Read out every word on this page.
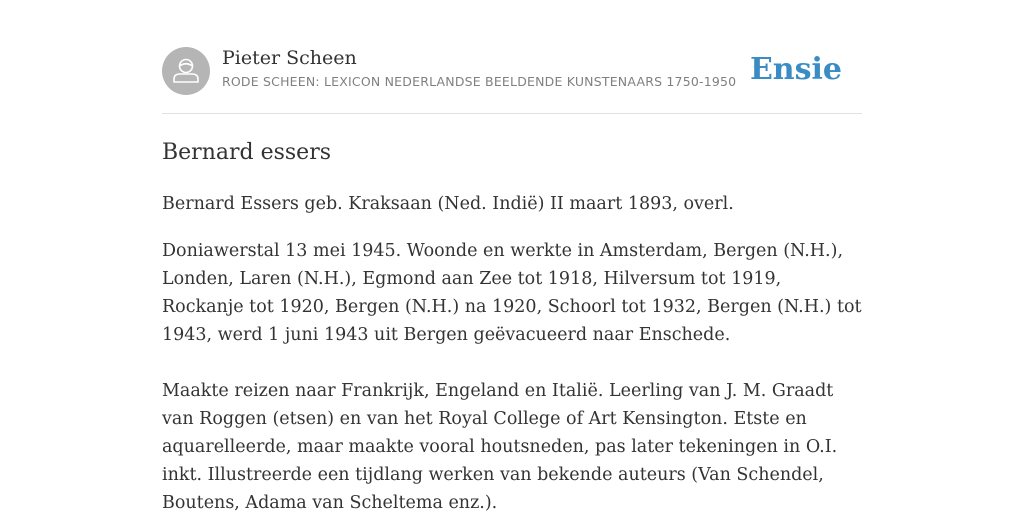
Pieter Scheen
RODE SCHEEN: LEXICON NEDERLANDSE BEELDENDE KUNSTENAARS 1750-1950 Ensie
Bernard essers

Bernard Essers geb. Kraksaan (Ned. Indië) II maart 1893, overl.

Doniawerstal 13 mei 1945. Woonde en werkte in Amsterdam, Bergen (N.H.), Londen, Laren (N.H.), Egmond aan Zee tot 1918, Hilversum tot 1919, Rockanje tot 1920, Bergen (N.H.) na 1920, Schoorl tot 1932, Bergen (N.H.) tot 1943, werd 1 juni 1943 uit Bergen geëvacueerd naar Enschede.

Maakte reizen naar Frankrijk, Engeland en Italië. Leerling van J. M. Graadt van Roggen (etsen) en van het Royal College of Art Kensington. Etste en aquarelleerde, maar maakte vooral houtsneden, pas later tekeningen in O.I. inkt. Illustreerde een tijdlang werken van bekende auteurs (Van Schendel, Boutens, Adama van Scheltema enz.).
